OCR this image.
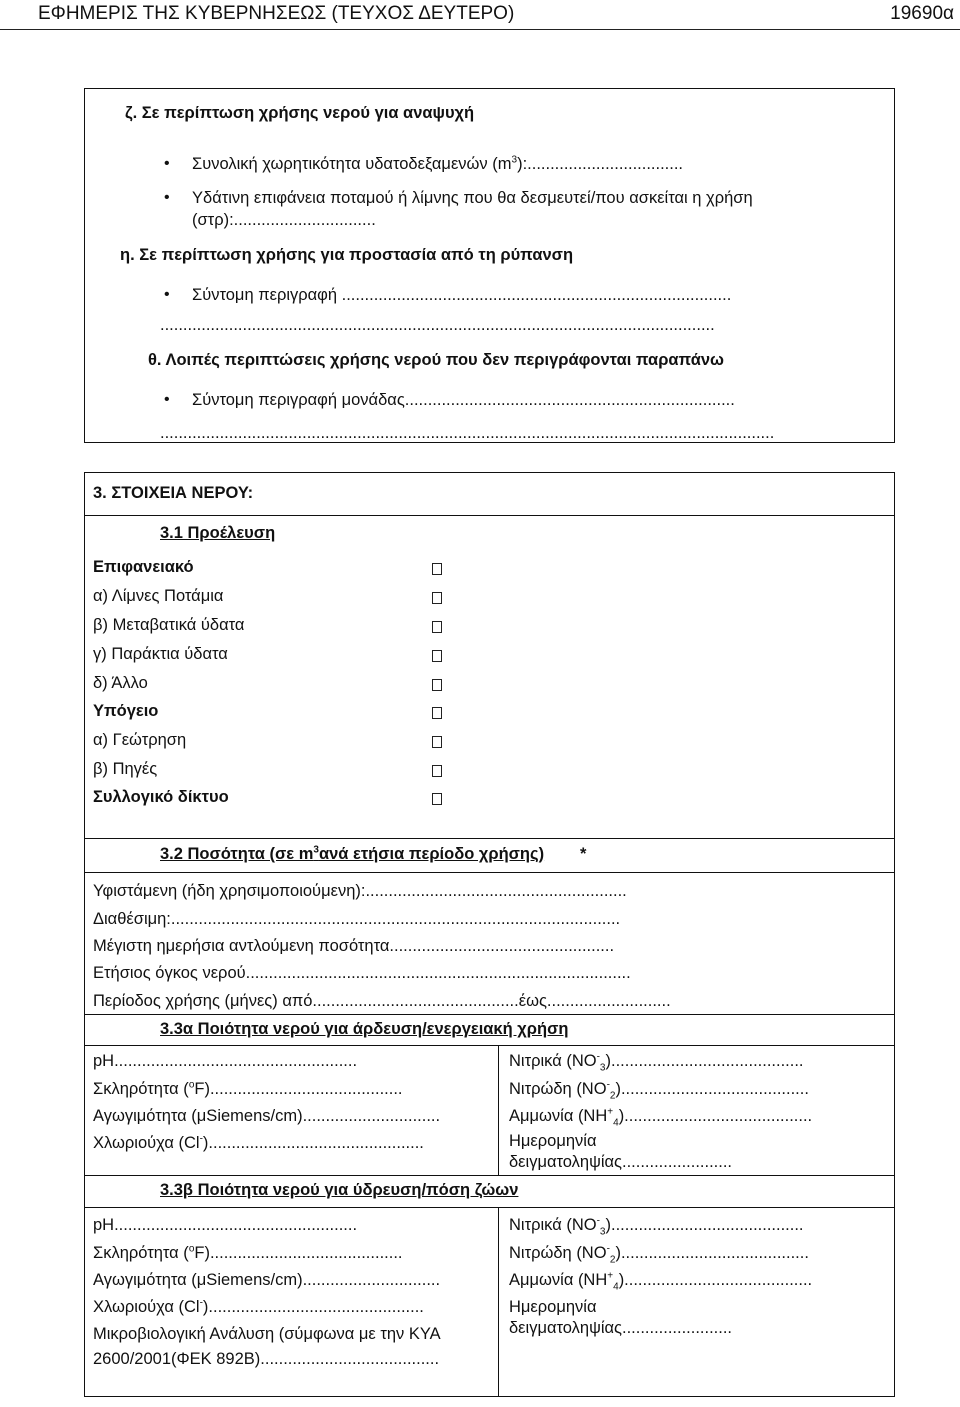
ΕΦΗΜΕΡΙΣ ΤΗΣ ΚΥΒΕΡΝΗΣΕΩΣ (ΤΕΥΧΟΣ ΔΕΥΤΕΡΟ)	19690α
ζ. Σε περίπτωση χρήσης νερού για αναψυχή
• Συνολική χωρητικότητα υδατοδεξαμενών $(m^3)$:..................................
• Υδάτινη επιφάνεια ποταμού ή λίμνης που θα δεσμευτεί/που ασκείται η χρήση
(στρ):...............................
η. Σε περίπτωση χρήσης για προστασία από τη ρύπανση
• Σύντομη περιγραφή .....................................................................................
.........................................................................................................................
θ. Λοιπές περιπτώσεις χρήσης νερού που δεν περιγράφονται παραπάνω
• Σύντομη περιγραφή μονάδας........................................................................
......................................................................................................................................
3. ΣΤΟΙΧΕΙΑ ΝΕΡΟΥ:
3.1 Προέλευση
Επιφανειακό
α) Λίμνες Ποτάμια
β) Μεταβατικά ύδατα
γ) Παράκτια ύδατα
δ) Άλλο
Υπόγειο
α) Γεώτρηση
β) Πηγές
Συλλογικό δίκτυο
3.2 Ποσότητα (σε $m^3\alpha\nu ά$ ετήσια περίοδο χρήσης) *
Υφιστάμενη (ήδη χρησιμοποιούμενη):.........................................................
Διαθέσιμη:..................................................................................................
Μέγιστη ημερήσια αντλούμενη ποσότητα.................................................
Ετήσιος όγκος νερού....................................................................................
Περίοδος χρήσης (μήνες) από.............................................έως...........................
3.3α Ποιότητα νερού για άρδευση/ενεργειακή χρήση
pH.....................................................
Σκληρότητα ($^o$F)..........................................
Αγωγιμότητα (μSiemens/cm)..............................
Χλωριούχα (Cl-)...............................................
Νιτρικά $(NO^-_3)$..........................................
Νιτρώδη $(NO^-_2)$.........................................
Αμμωνία $(NH^+_4)$.........................................
Ημερομηνία
δειγματοληψίας........................
3.3β Ποιότητα νερού για ύδρευση/πόση ζώων
pH.....................................................
Σκληρότητα ($^o$F)..........................................
Αγωγιμότητα (μSiemens/cm)..............................
Χλωριούχα (Cl-)...............................................
Μικροβιολογική Ανάλυση (σύμφωνα με την ΚΥΑ
2600/2001(ΦΕΚ 892Β).......................................
Νιτρικά $(NO^-_3)$..........................................
Νιτρώδη $(NO^-_2)$.........................................
Αμμωνία $(NH^+_4)$.........................................
Ημερομηνία
δειγματοληψίας........................
